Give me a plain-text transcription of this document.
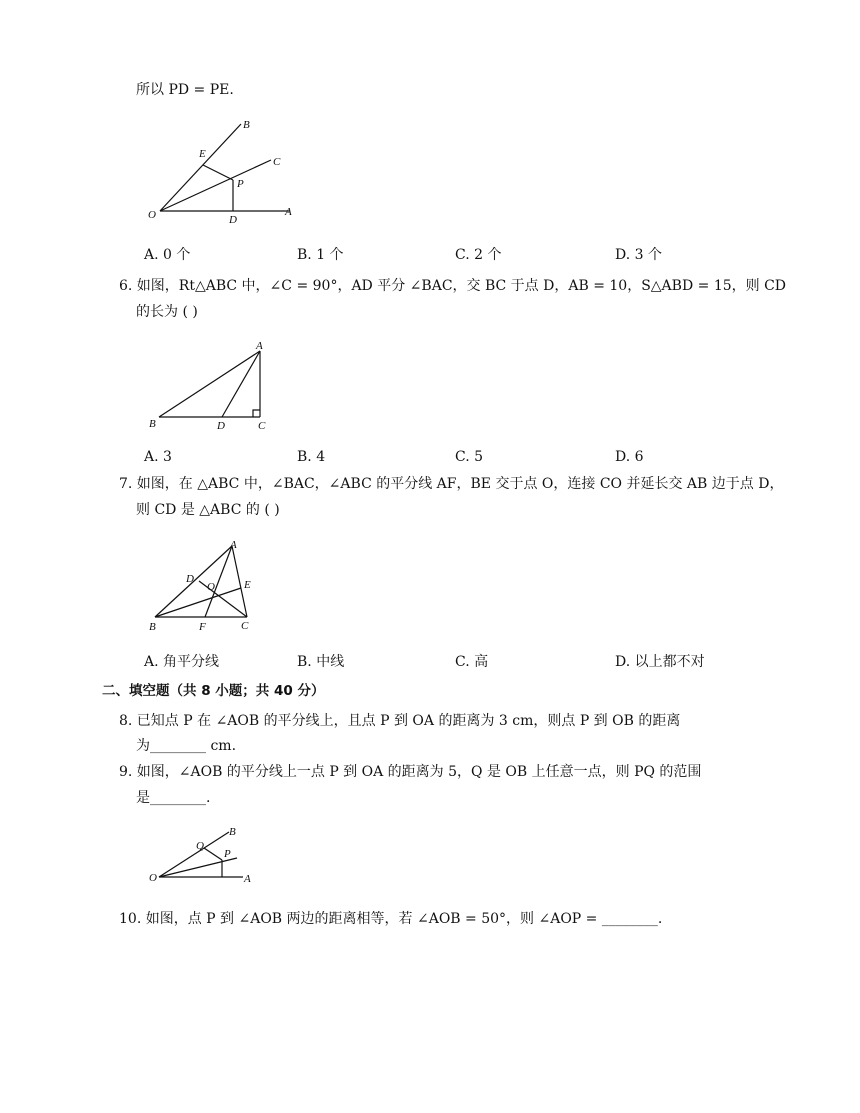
所以 PD = PE.
B
C
E
P
O	D
A
A. 0 个	B. 1 个	C. 2 个	D. 3 个
6. 如图，Rt△ABC 中，∠C = 90°，AD 平分 ∠BAC，交 BC 于点 D，AB = 10，S△ABD = 15，则 CD
的长为 ( )
A
B	D	C
A. 3	B. 4	C. 5	D. 6
7. 如图，在 △ABC 中，∠BAC，∠ABC 的平分线 AF，BE 交于点 O，连接 CO 并延长交 AB 边于点 D，
则 CD 是 △ABC 的 ( )
A
D
O	E
B	F	C
A. 角平分线	B. 中线	C. 高	D. 以上都不对
二、填空题（共 8 小题；共 40 分）
8. 已知点 P 在 ∠AOB 的平分线上，且点 P 到 OA 的距离为 3 cm，则点 P 到 OB 的距离
为________ cm.
9. 如图，∠AOB 的平分线上一点 P 到 OA 的距离为 5，Q 是 OB 上任意一点，则 PQ 的范围
是________.
B
Q
P
O	A
10. 如图，点 P 到 ∠AOB 两边的距离相等，若 ∠AOB = 50°，则 ∠AOP = ________.
